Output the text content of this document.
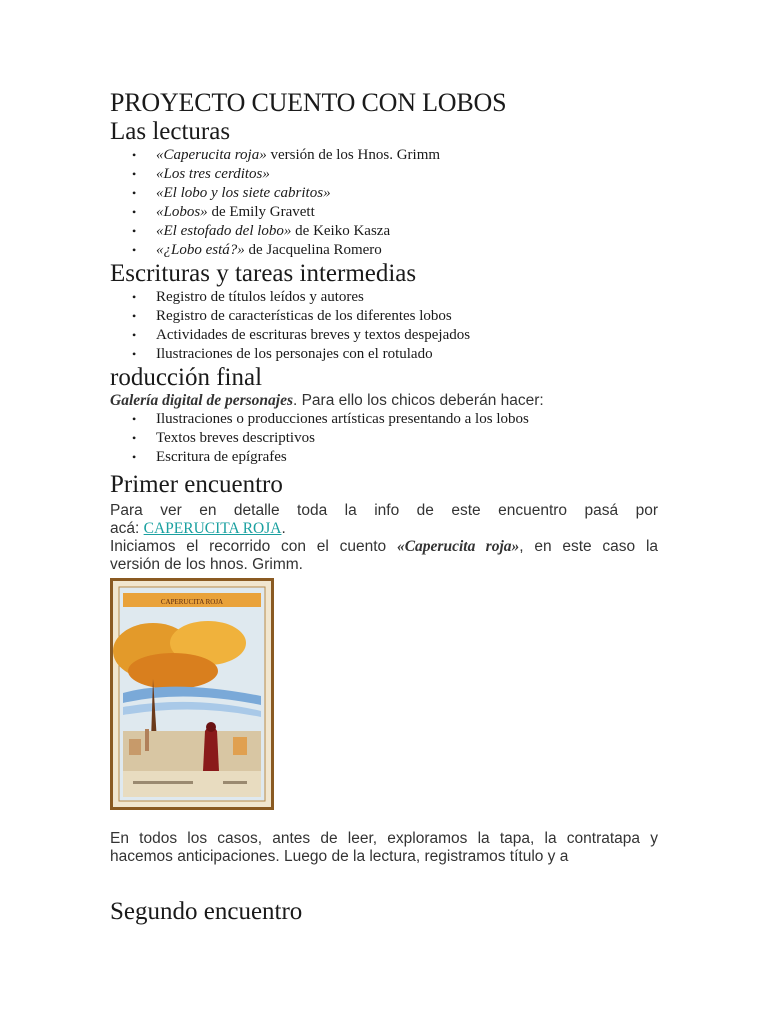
PROYECTO CUENTO CON LOBOS
Las lecturas
• «Caperucita roja» versión de los Hnos. Grimm
• «Los tres cerditos»
• «El lobo y los siete cabritos»
• «Lobos» de Emily Gravett
• «El estofado del lobo» de Keiko Kasza
• «¿Lobo está?» de Jacquelina Romero
Escrituras y tareas intermedias
• Registro de títulos leídos y autores
• Registro de características de los diferentes lobos
• Actividades de escrituras breves y textos despejados
• Ilustraciones de los personajes con el rotulado
roducción final
Galería digital de personajes. Para ello los chicos deberán hacer:
• Ilustraciones o producciones artísticas presentando a los lobos
• Textos breves descriptivos
• Escritura de epígrafes
Primer encuentro
Para ver en detalle toda la info de este encuentro pasá por
acá: CAPERUCITA ROJA.
Iniciamos el recorrido con el cuento «Caperucita roja», en este caso la
versión de los hnos. Grimm.
CAPERUCITA ROJA
En todos los casos, antes de leer, exploramos la tapa, la contratapa y
hacemos anticipaciones. Luego de la lectura, registramos título y a
Segundo encuentro
